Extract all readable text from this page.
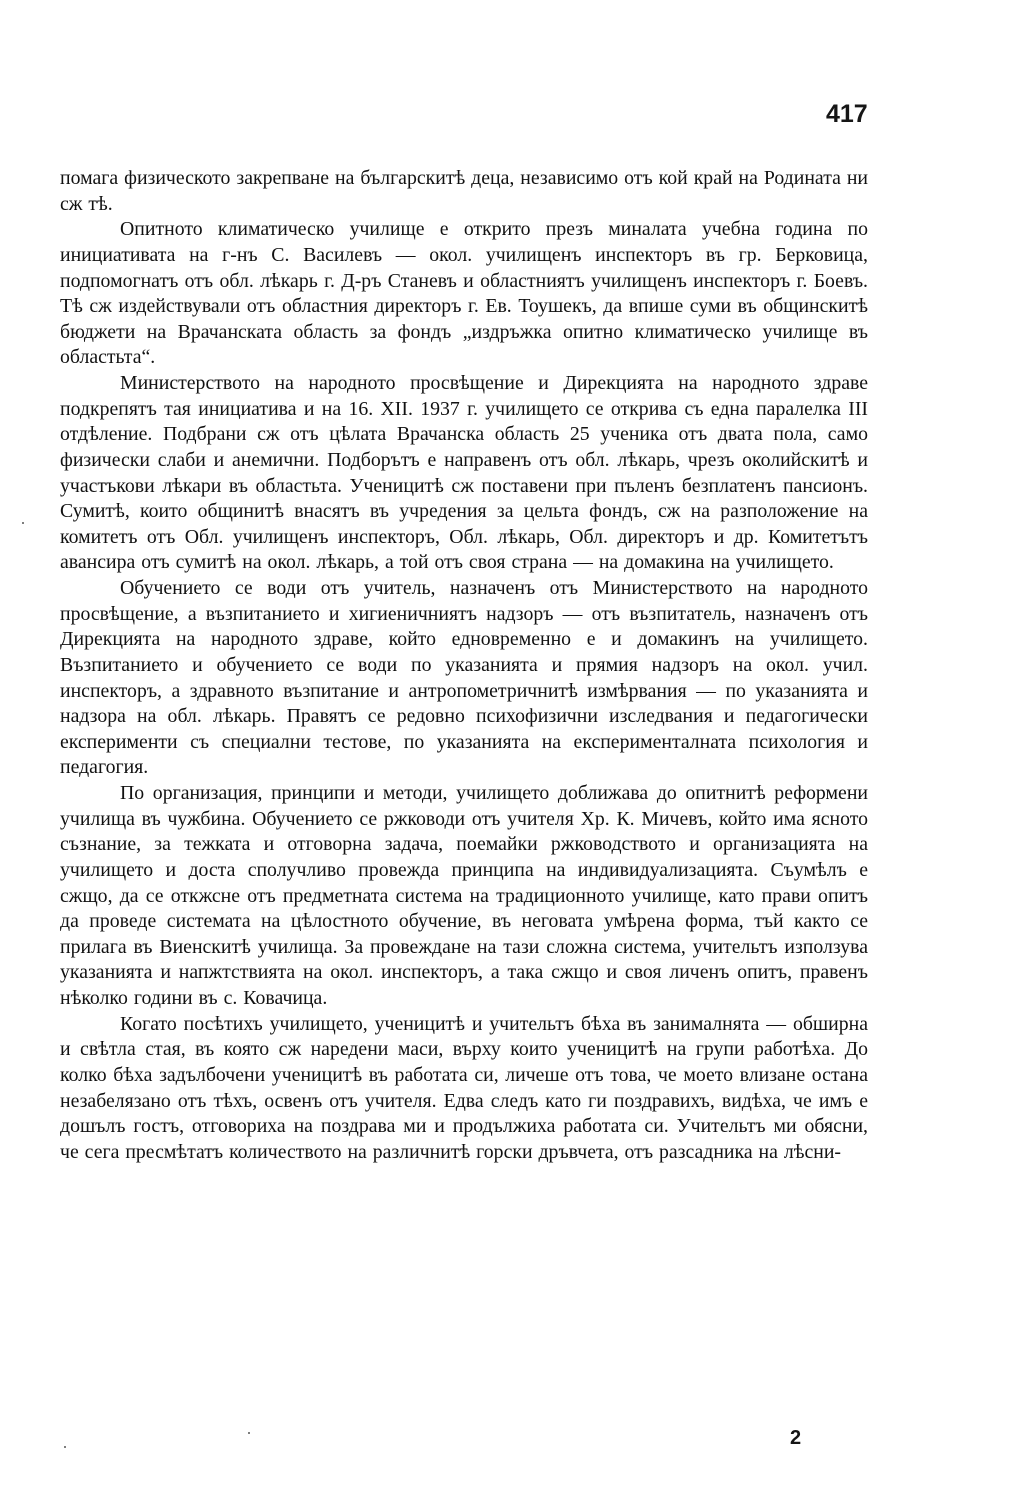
417

помага физическото закрепване на българскитѣ деца, независимо отъ кой край на Родината ни сж тѣ.

Опитното климатическо училище е открито презъ миналата учебна година по инициативата на г-нъ С. Василевъ — окол. училищенъ инспекторъ въ гр. Берковица, подпомогнатъ отъ обл. лѣкарь г. Д-ръ Станевъ и областниятъ училищенъ инспекторъ г. Боевъ. Тѣ сж издействували отъ областния директоръ г. Ев. Тоушекъ, да впише суми въ общинскитѣ бюджети на Врачанската область за фондъ „издръжка опитно климатическо училище въ областьта“.

Министерството на народното просвѣщение и Дирекцията на народното здраве подкрепятъ тая инициатива и на 16. XII. 1937 г. училището се открива съ една паралелка III отдѣление. Подбрани сж отъ цѣлата Врачанска область 25 ученика отъ двата пола, само физически слаби и анемични. Подборътъ е направенъ отъ обл. лѣкарь, чрезъ околийскитѣ и участъкови лѣкари въ областьта. Ученицитѣ сж поставени при пъленъ безплатенъ пансионъ. Сумитѣ, които общинитѣ внасятъ въ учредения за цельта фондъ, сж на разположение на комитетъ отъ Обл. училищенъ инспекторъ, Обл. лѣкарь, Обл. директоръ и др. Комитетътъ авансира отъ сумитѣ на окол. лѣкарь, а той отъ своя страна — на домакина на училището.

Обучението се води отъ учитель, назначенъ отъ Министерството на народното просвѣщение, а възпитанието и хигиеничниятъ надзоръ — отъ възпитатель, назначенъ отъ Дирекцията на народното здраве, който едновременно е и домакинъ на училището. Възпитанието и обучението се води по указанията и прямия надзоръ на окол. учил. инспекторъ, а здравното възпитание и антропометричнитѣ измѣрвания — по указанията и надзора на обл. лѣкарь. Правятъ се редовно психофизични изследвания и педагогически експерименти съ специални тестове, по указанията на експерименталната психология и педагогия.

По организация, принципи и методи, училището доближава до опитнитѣ реформени училища въ чужбина. Обучението се ржководи отъ учителя Хр. К. Мичевъ, който има ясното съзнание, за тежката и отговорна задача, поемайки ржководството и организацията на училището и доста сполучливо провежда принципа на индивидуализацията. Съумѣлъ е сжщо, да се откжсне отъ предметната система на традиционното училище, като прави опитъ да проведе системата на цѣлостното обучение, въ неговата умѣрена форма, тъй както се прилага въ Виенскитѣ училища. За провеждане на тази сложна система, учительтъ използува указанията и напжтствията на окол. инспекторъ, а така сжщо и своя личенъ опитъ, правенъ нѣколко години въ с. Ковачица.

Когато посѣтихъ училището, ученицитѣ и учительтъ бѣха въ занималнята — обширна и свѣтла стая, въ която сж наредени маси, върху които ученицитѣ на групи работѣха. До колко бѣха задълбочени ученицитѣ въ работата си, личеше отъ това, че моето влизане остана незабелязано отъ тѣхъ, освенъ отъ учителя. Едва следъ като ги поздравихъ, видѣха, че имъ е дошълъ гостъ, отговориха на поздрава ми и продължиха работата си. Учительтъ ми обясни, че сега пресмѣтатъ количеството на различнитѣ горски дръвчета, отъ разсадника на лѣсни-

2
